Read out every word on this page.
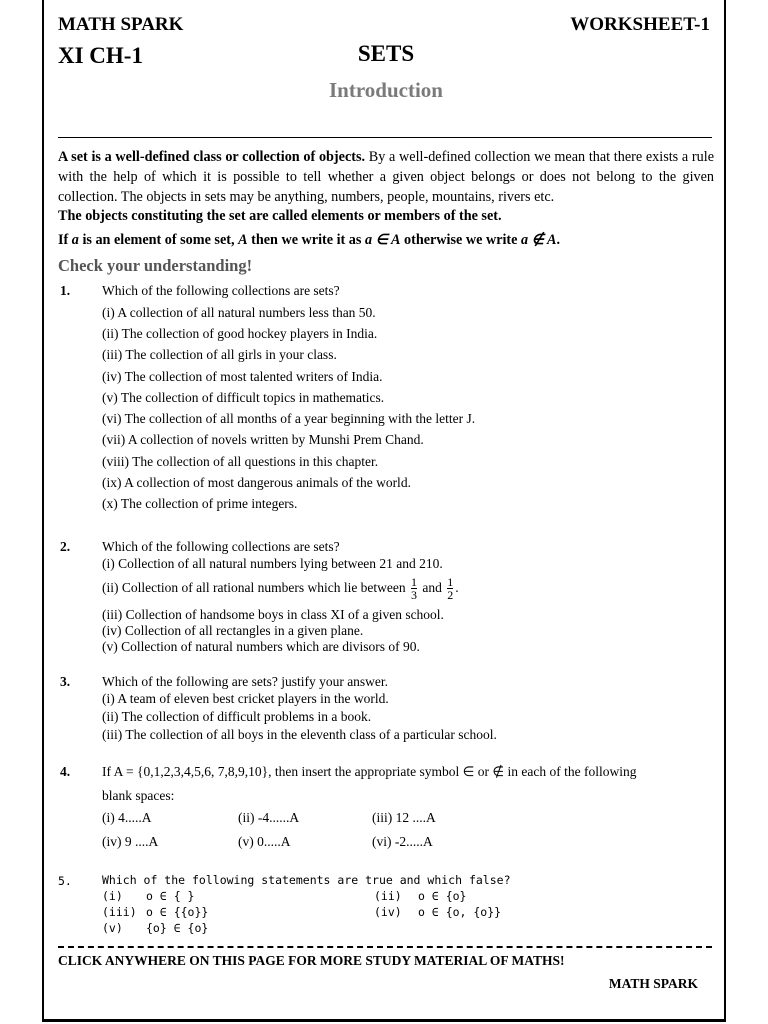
MATH SPARK	WORKSHEET-1
XI CH-1	SETS
Introduction
A set is a well-defined class or collection of objects. By a well-defined collection we mean that there exists a rule with the help of which it is possible to tell whether a given object belongs or does not belong to the given collection. The objects in sets may be anything, numbers, people, mountains, rivers etc.
The objects constituting the set are called elements or members of the set.
If a is an element of some set, A then we write it as a ∈ A otherwise we write a ∉ A.
Check your understanding!
1. Which of the following collections are sets?
(i) A collection of all natural numbers less than 50.
(ii) The collection of good hockey players in India.
(iii) The collection of all girls in your class.
(iv) The collection of most talented writers of India.
(v) The collection of difficult topics in mathematics.
(vi) The collection of all months of a year beginning with the letter J.
(vii) A collection of novels written by Munshi Prem Chand.
(viii) The collection of all questions in this chapter.
(ix) A collection of most dangerous animals of the world.
(x) The collection of prime integers.
2. Which of the following collections are sets?
(i) Collection of all natural numbers lying between 21 and 210.
(ii) Collection of all rational numbers which lie between $\frac{1}{3}$ and $\frac{1}{2}$ .
(iii) Collection of handsome boys in class XI of a given school.
(iv) Collection of all rectangles in a given plane.
(v) Collection of natural numbers which are divisors of 90.
3. Which of the following are sets? justify your answer.
(i) A team of eleven best cricket players in the world.
(ii) The collection of difficult problems in a book.
(iii) The collection of all boys in the eleventh class of a particular school.
4. If A = {0,1,2,3,4,5,6, 7,8,9,10}, then insert the appropriate symbol ∈ or ∉ in each of the following
blank spaces:
(i) 4.....A	(ii) -4......A	(iii) 12 ....A
(iv) 9 ....A	(v) 0.....A	(vi) -2.....A
5.	Which of the following statements are true and which false?
(i) o ∈ { }	(ii) o ∈ {o}
(iii) o ∈ {{o}}	(iv) o ∈ {o, {o}}
(v) {o} ∈ {o}
CLICK ANYWHERE ON THIS PAGE FOR MORE STUDY MATERIAL OF MATHS!
MATH SPARK
